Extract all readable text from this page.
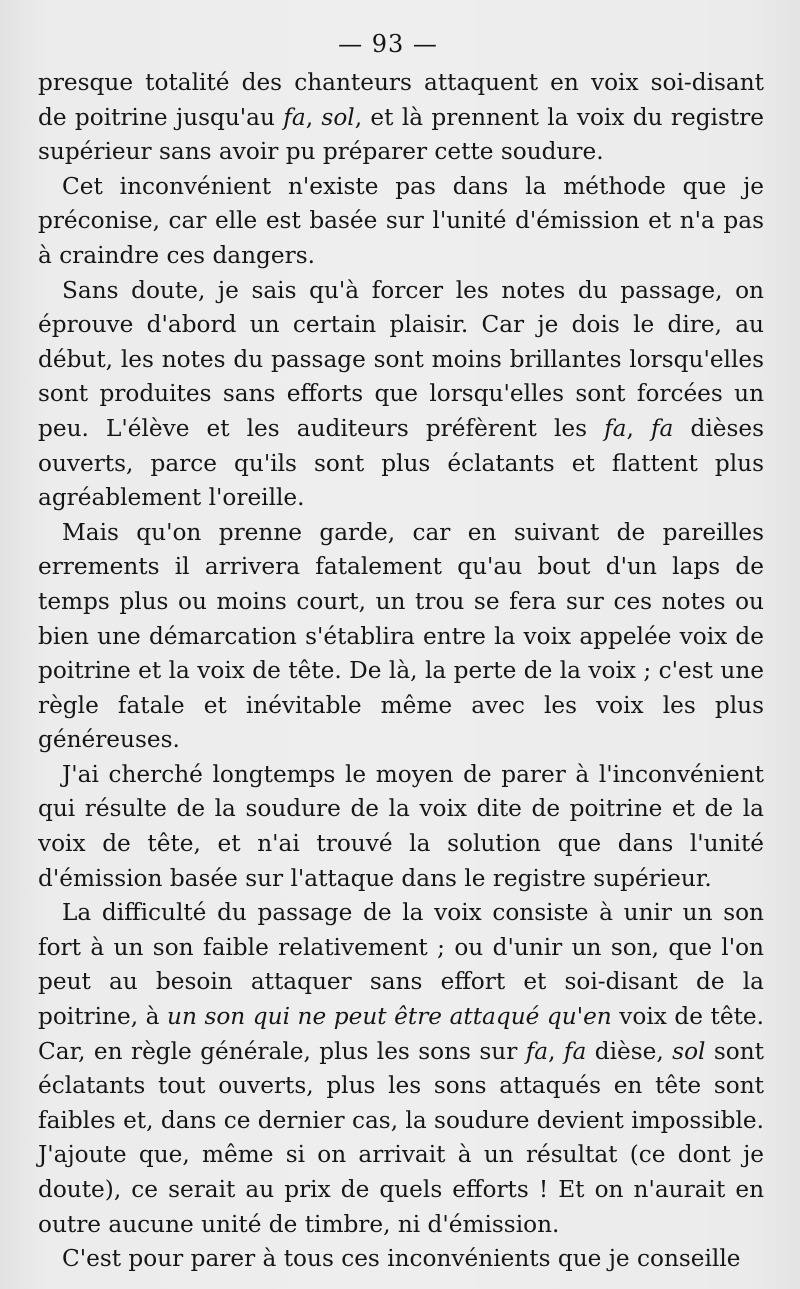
— 93 —

presque totalité des chanteurs attaquent en voix soi-disant de poitrine jusqu'au fa, sol, et là prennent la voix du registre supérieur sans avoir pu préparer cette soudure.

Cet inconvénient n'existe pas dans la méthode que je préconise, car elle est basée sur l'unité d'émission et n'a pas à craindre ces dangers.

Sans doute, je sais qu'à forcer les notes du passage, on éprouve d'abord un certain plaisir. Car je dois le dire, au début, les notes du passage sont moins brillantes lorsqu'elles sont produites sans efforts que lorsqu'elles sont forcées un peu. L'élève et les auditeurs préfèrent les fa, fa dièses ouverts, parce qu'ils sont plus éclatants et flattent plus agréablement l'oreille.

Mais qu'on prenne garde, car en suivant de pareilles errements il arrivera fatalement qu'au bout d'un laps de temps plus ou moins court, un trou se fera sur ces notes ou bien une démarcation s'établira entre la voix appelée voix de poitrine et la voix de tête. De là, la perte de la voix ; c'est une règle fatale et inévitable même avec les voix les plus généreuses.

J'ai cherché longtemps le moyen de parer à l'inconvénient qui résulte de la soudure de la voix dite de poitrine et de la voix de tête, et n'ai trouvé la solution que dans l'unité d'émission basée sur l'attaque dans le registre supérieur.

La difficulté du passage de la voix consiste à unir un son fort à un son faible relativement ; ou d'unir un son, que l'on peut au besoin attaquer sans effort et soi-disant de la poitrine, à un son qui ne peut être attaqué qu'en voix de tête. Car, en règle générale, plus les sons sur fa, fa dièse, sol sont éclatants tout ouverts, plus les sons attaqués en tête sont faibles et, dans ce dernier cas, la soudure devient impossible. J'ajoute que, même si on arrivait à un résultat (ce dont je doute), ce serait au prix de quels efforts ! Et on n'aurait en outre aucune unité de timbre, ni d'émission.

C'est pour parer à tous ces inconvénients que je conseille
